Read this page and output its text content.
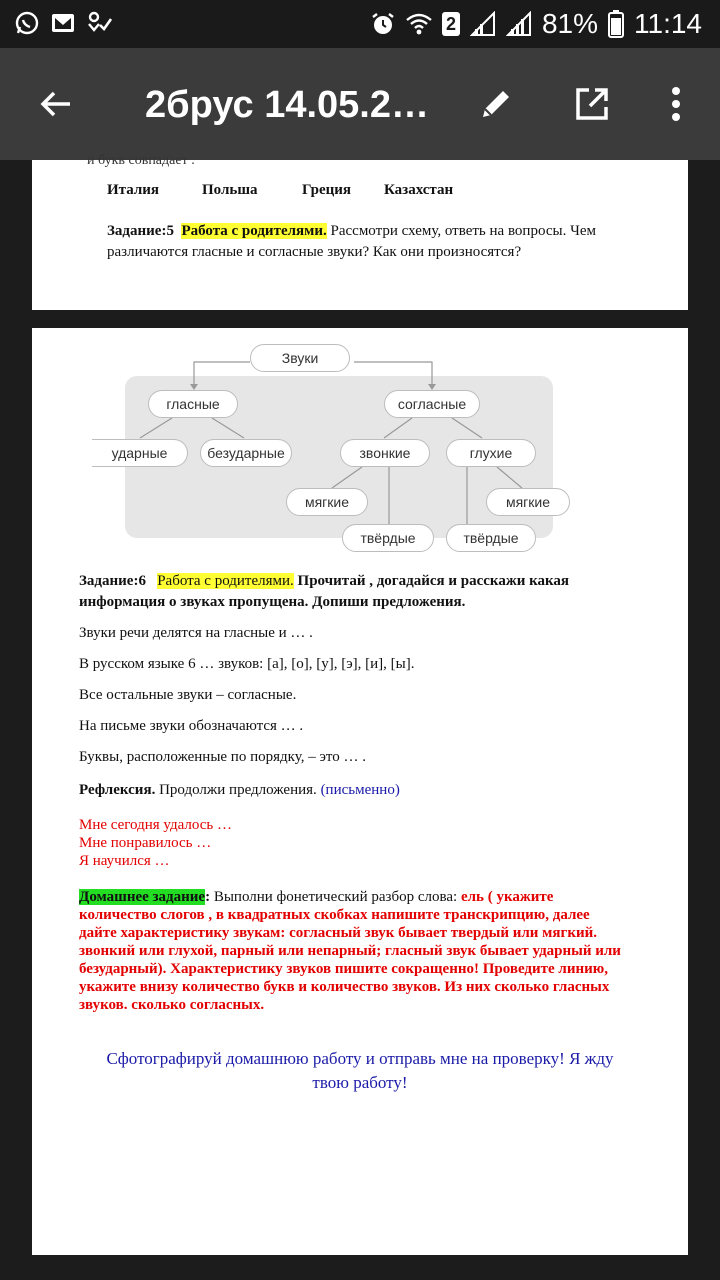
2	81% 11:14
2брус 14.05.2…
и букв совпадает .
Италия	Польша	Греция Казахстан
Задание:5 Работа с родителями. Рассмотри схему, ответь на вопросы. Чем
различаются гласные и согласные звуки? Как они произносятся?
Звуки
гласные	согласные
ударные	безударные	звонкие	глухие
мягкие	мягкие
твёрдые	твёрдые
Задание:6 Работа с родителями. Прочитай , догадайся и расскажи какая
информация о звуках пропущена. Допиши предложения.
Звуки речи делятся на гласные и … .
В русском языке 6 … звуков: [а], [о], [у], [э], [и], [ы].
Все остальные звуки – согласные.
На письме звуки обозначаются … .
Буквы, расположенные по порядку, – это … .
Рефлексия. Продолжи предложения. (письменно)
Мне сегодня удалось …
Мне понравилось …
Я научился …
Домашнее задание: Выполни фонетический разбор слова: ель ( укажите
количество слогов , в квадратных скобках напишите транскрипцию, далее
дайте характеристику звукам: согласный звук бывает твердый или мягкий.
звонкий или глухой, парный или непарный; гласный звук бывает ударный или
безударный). Характеристику звуков пишите сокращенно! Проведите линию,
укажите внизу количество букв и количество звуков. Из них сколько гласных
звуков. сколько согласных.
Сфотографируй домашнюю работу и отправь мне на проверку! Я жду
твою работу!
